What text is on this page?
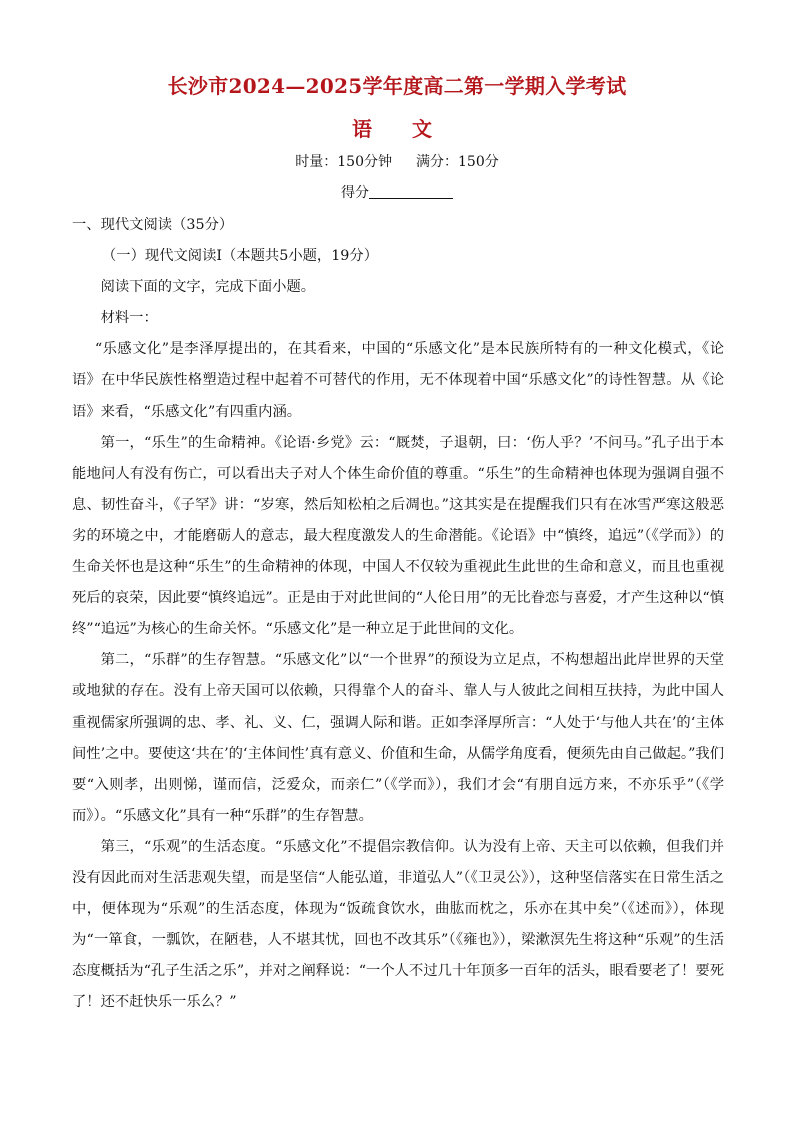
长沙市2024—2025学年度高二第一学期入学考试
语　文
时量：150分钟 满分：150分
得分

一、现代文阅读（35分）

（一）现代文阅读Ⅰ（本题共5小题，19分）

阅读下面的文字，完成下面小题。

材料一：

“乐感文化”是李泽厚提出的，在其看来，中国的“乐感文化”是本民族所特有的一种文化模式，《论语》在中华民族性格塑造过程中起着不可替代的作用，无不体现着中国“乐感文化”的诗性智慧。从《论语》来看，“乐感文化”有四重内涵。

第一，“乐生”的生命精神。《论语·乡党》云：“厩焚，子退朝，曰：‘伤人乎？’不问马。”孔子出于本能地问人有没有伤亡，可以看出夫子对人个体生命价值的尊重。“乐生”的生命精神也体现为强调自强不息、韧性奋斗，《子罕》讲：“岁寒，然后知松柏之后凋也。”这其实是在提醒我们只有在冰雪严寒这般恶劣的环境之中，才能磨砺人的意志，最大程度激发人的生命潜能。《论语》中“慎终，追远”（《学而》）的生命关怀也是这种“乐生”的生命精神的体现，中国人不仅较为重视此生此世的生命和意义，而且也重视死后的哀荣，因此要“慎终追远”。正是由于对此世间的“人伦日用”的无比眷恋与喜爱，才产生这种以“慎终”“追远”为核心的生命关怀。“乐感文化”是一种立足于此世间的文化。

第二，“乐群”的生存智慧。“乐感文化”以“一个世界”的预设为立足点，不构想超出此岸世界的天堂或地狱的存在。没有上帝天国可以依赖，只得靠个人的奋斗、靠人与人彼此之间相互扶持，为此中国人重视儒家所强调的忠、孝、礼、义、仁，强调人际和谐。正如李泽厚所言：“人处于‘与他人共在’的‘主体间性’之中。要使这‘共在’的‘主体间性’真有意义、价值和生命，从儒学角度看，便须先由自己做起。”我们要“入则孝，出则悌，谨而信，泛爱众，而亲仁”（《学而》），我们才会“有朋自远方来，不亦乐乎”（《学而》）。“乐感文化”具有一种“乐群”的生存智慧。

第三，“乐观”的生活态度。“乐感文化”不提倡宗教信仰。认为没有上帝、天主可以依赖，但我们并没有因此而对生活悲观失望，而是坚信“人能弘道，非道弘人”（《卫灵公》），这种坚信落实在日常生活之中，便体现为“乐观”的生活态度，体现为“饭疏食饮水，曲肱而枕之，乐亦在其中矣”（《述而》），体现为“一箪食，一瓢饮，在陋巷，人不堪其忧，回也不改其乐”（《雍也》），梁漱溟先生将这种“乐观”的生活态度概括为“孔子生活之乐”，并对之阐释说：“一个人不过几十年顶多一百年的活头，眼看要老了！要死了！还不赶快乐一乐么？”
